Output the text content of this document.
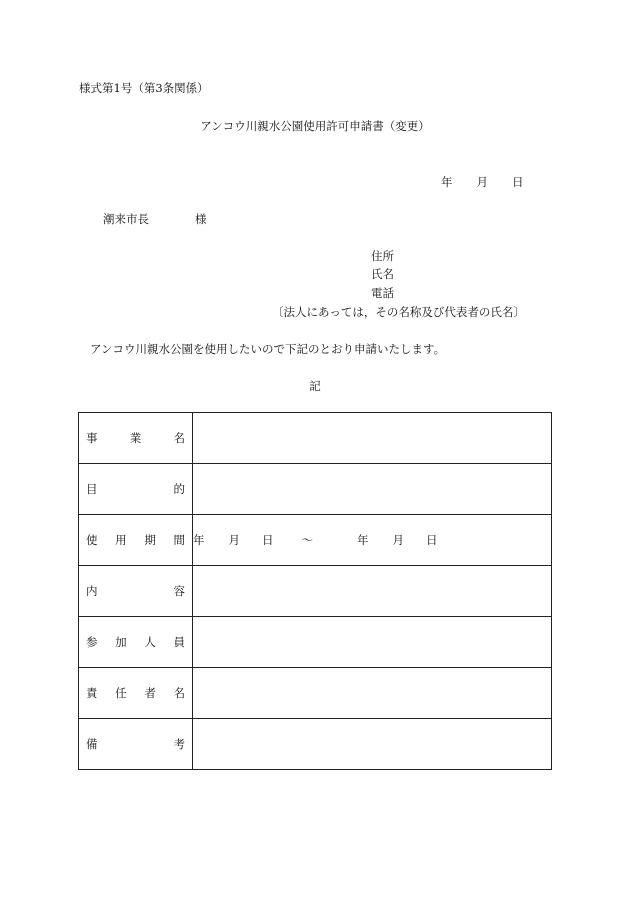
様式第1号（第3条関係）
アンコウ川親水公園使用許可申請書（変更）
年 月 日
潮来市長	様
住所
氏名
電話
〔法人にあっては，その名称及び代表者の氏名〕
アンコウ川親水公園を使用したいので下記のとおり申請いたします。
記
事 業 名	

目 的	

使 用 期 間	年 月 日 ～ 年 月 日

内 容	

参 加 人 員	

責 任 者 名	

備 考	
